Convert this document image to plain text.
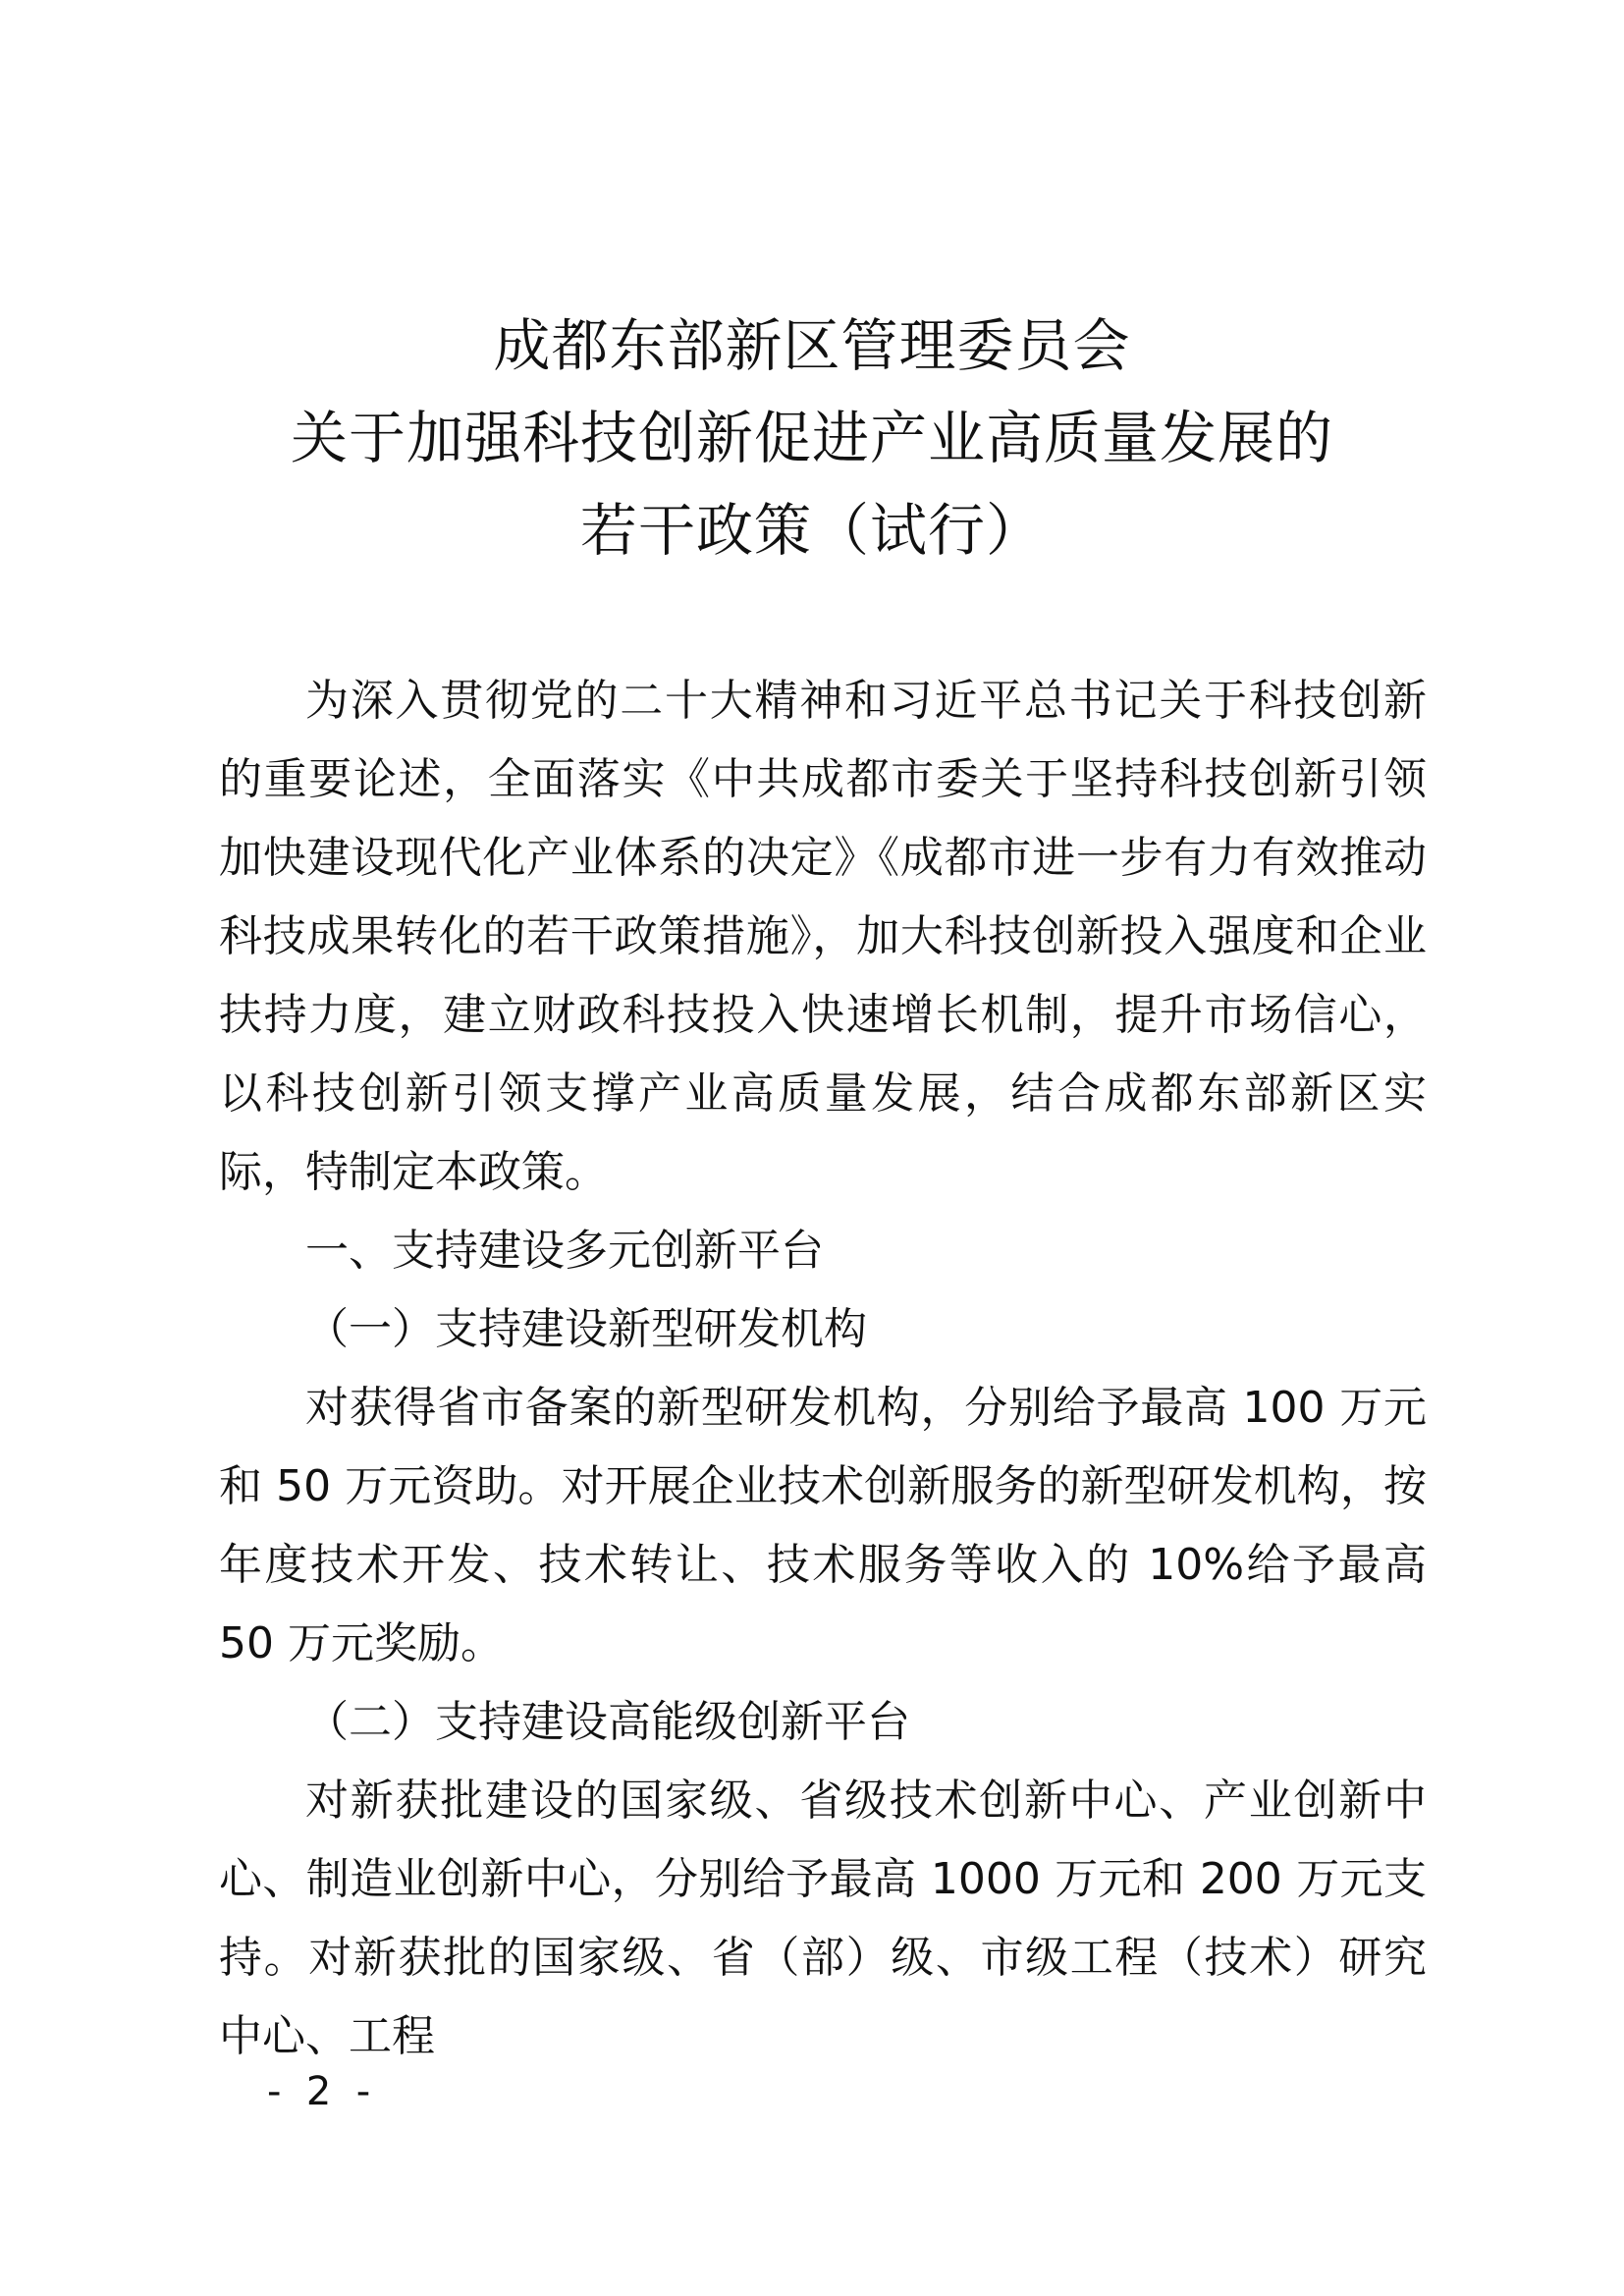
成都东部新区管理委员会
关于加强科技创新促进产业高质量发展的
若干政策（试行）

为深入贯彻党的二十大精神和习近平总书记关于科技创新的重要论述，全面落实《中共成都市委关于坚持科技创新引领加快建设现代化产业体系的决定》《成都市进一步有力有效推动科技成果转化的若干政策措施》，加大科技创新投入强度和企业扶持力度，建立财政科技投入快速增长机制，提升市场信心，以科技创新引领支撑产业高质量发展，结合成都东部新区实际，特制定本政策。

一、支持建设多元创新平台

（一）支持建设新型研发机构

对获得省市备案的新型研发机构，分别给予最高 100 万元和 50 万元资助。对开展企业技术创新服务的新型研发机构，按年度技术开发、技术转让、技术服务等收入的 10%给予最高 50 万元奖励。

（二）支持建设高能级创新平台

对新获批建设的国家级、省级技术创新中心、产业创新中心、制造业创新中心，分别给予最高 1000 万元和 200 万元支持。对新获批的国家级、省（部）级、市级工程（技术）研究中心、工程

-  2  -
